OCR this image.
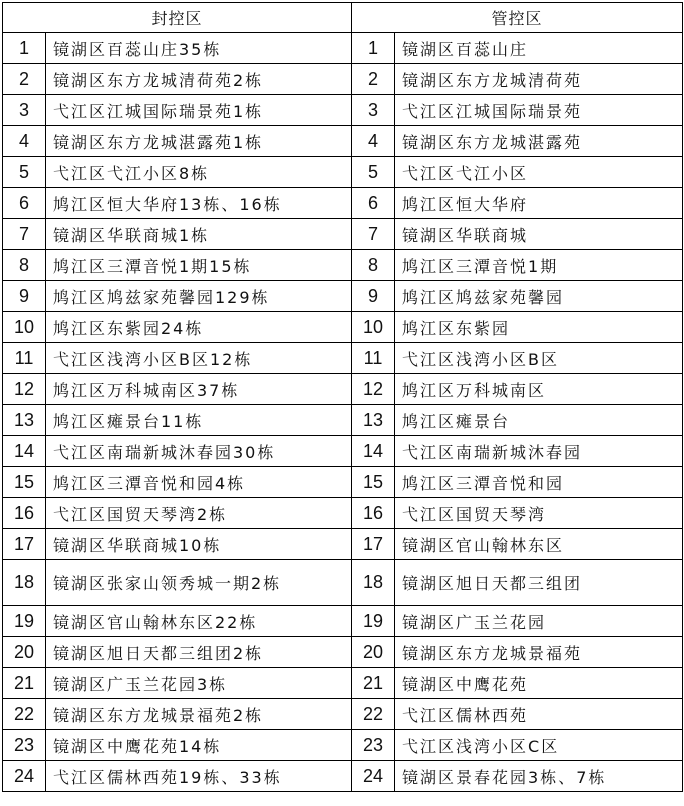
封控区		管控区	
1	镜湖区百蕊山庄35栋	1	镜湖区百蕊山庄
2	镜湖区东方龙城清荷苑2栋	2	镜湖区东方龙城清荷苑
3	弋江区江城国际瑞景苑1栋	3	弋江区江城国际瑞景苑
4	镜湖区东方龙城湛露苑1栋	4	镜湖区东方龙城湛露苑
5	弋江区弋江小区8栋	5	弋江区弋江小区
6	鸠江区恒大华府13栋、16栋	6	鸠江区恒大华府
7	镜湖区华联商城1栋	7	镜湖区华联商城
8	鸠江区三潭音悦1期15栋	8	鸠江区三潭音悦1期
9	鸠江区鸠兹家苑馨园129栋	9	鸠江区鸠兹家苑馨园
10	鸠江区东紫园24栋	10	鸠江区东紫园
11	弋江区浅湾小区B区12栋	11	弋江区浅湾小区B区
12	鸠江区万科城南区37栋	12	鸠江区万科城南区
13	鸠江区瘫景台11栋	13	鸠江区瘫景台
14	弋江区南瑞新城沐春园30栋	14	弋江区南瑞新城沐春园
15	鸠江区三潭音悦和园4栋	15	鸠江区三潭音悦和园
16	弋江区国贸天琴湾2栋	16	弋江区国贸天琴湾
17	镜湖区华联商城10栋	17	镜湖区官山翰林东区
18	镜湖区张家山领秀城一期2栋	18	镜湖区旭日天都三组团
19	镜湖区官山翰林东区22栋	19	镜湖区广玉兰花园
20	镜湖区旭日天都三组团2栋	20	镜湖区东方龙城景福苑
21	镜湖区广玉兰花园3栋	21	镜湖区中鹰花苑
22	镜湖区东方龙城景福苑2栋	22	弋江区儒林西苑
23	镜湖区中鹰花苑14栋	23	弋江区浅湾小区C区
24	弋江区儒林西苑19栋、33栋	24	镜湖区景春花园3栋、7栋
